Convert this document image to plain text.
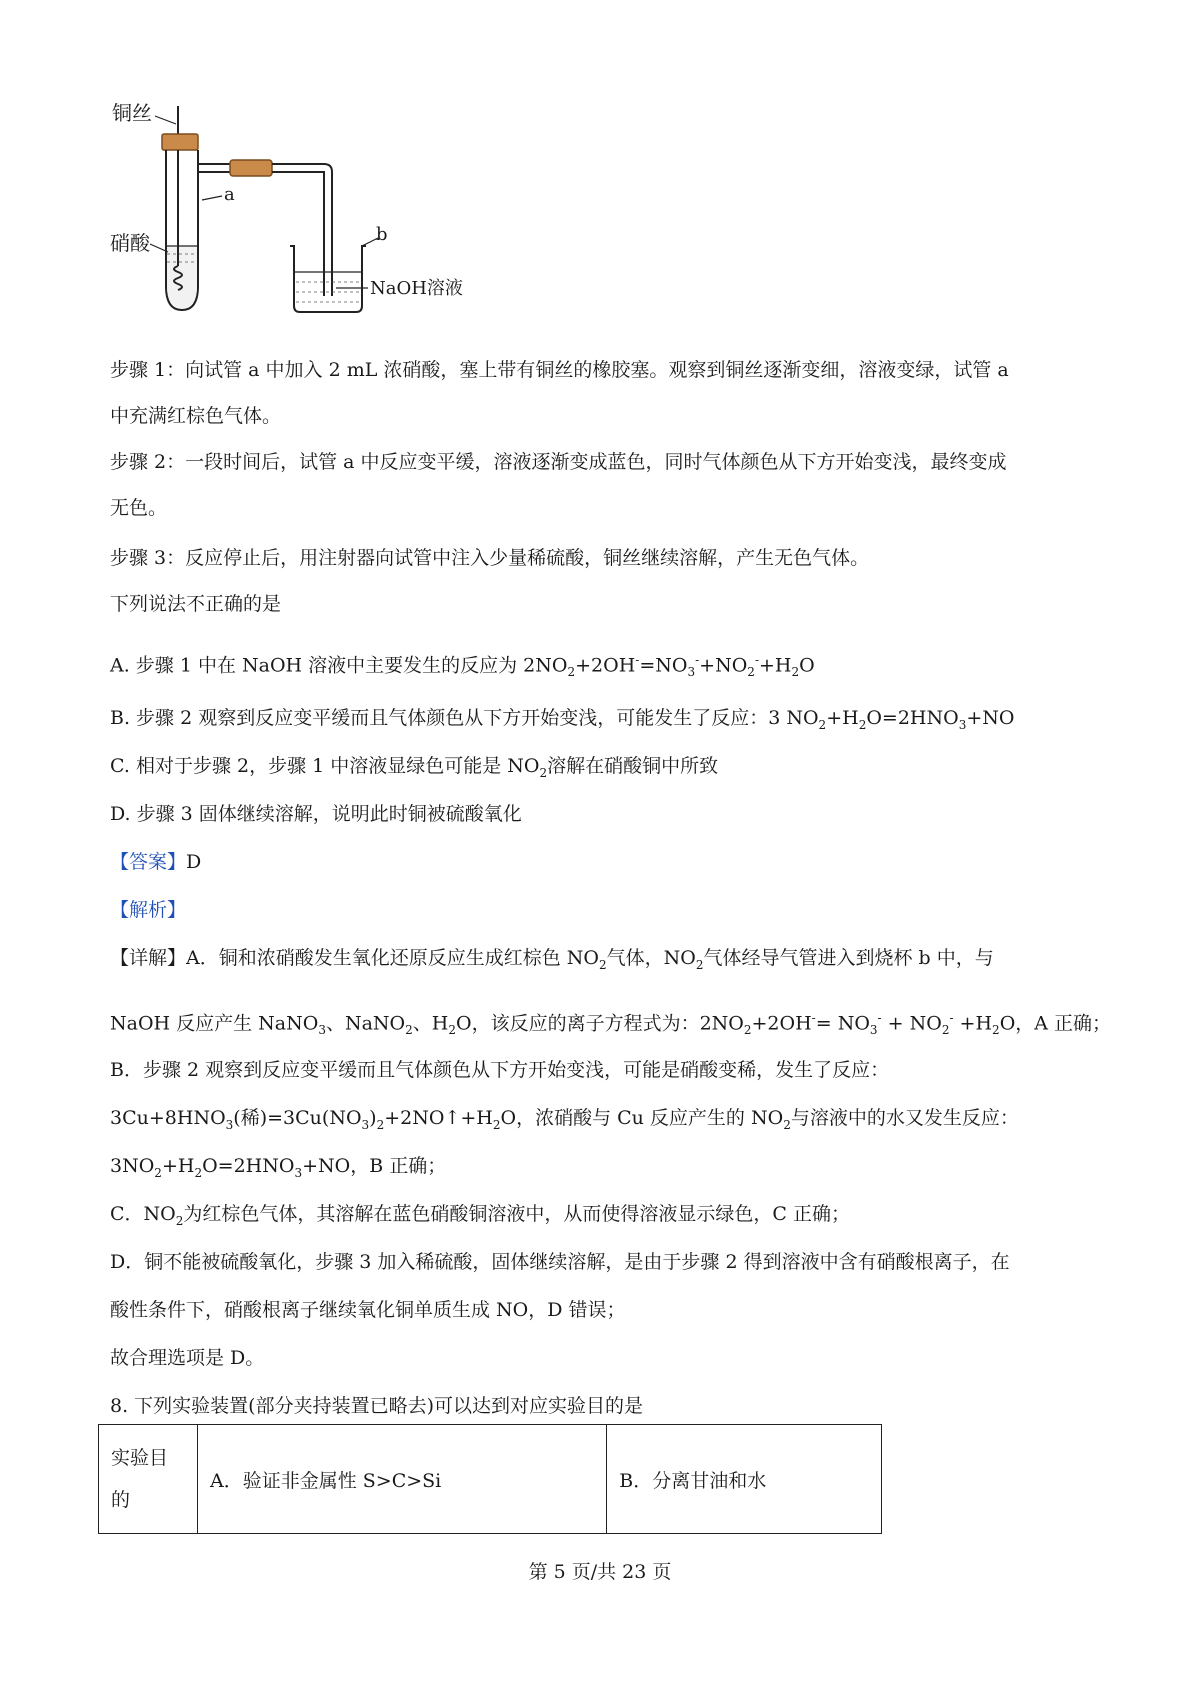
铜丝
a
硝酸	b
NaOH溶液
步骤 1：向试管 a 中加入 2 mL 浓硝酸，塞上带有铜丝的橡胶塞。观察到铜丝逐渐变细，溶液变绿，试管 a
中充满红棕色气体。
步骤 2：一段时间后，试管 a 中反应变平缓，溶液逐渐变成蓝色，同时气体颜色从下方开始变浅，最终变成
无色。
步骤 3：反应停止后，用注射器向试管中注入少量稀硫酸，铜丝继续溶解，产生无色气体。
下列说法不正确的是
A. 步骤 1 中在 NaOH 溶液中主要发生的反应为 $2NO_2+2OH^-=NO_3^-+NO_2^-+H_2O$
B. 步骤 2 观察到反应变平缓而且气体颜色从下方开始变浅，可能发生了反应：3 $NO_2+H_2O=2HNO_3+NO$
C. 相对于步骤 2，步骤 1 中溶液显绿色可能是 $NO_2$溶解在硝酸铜中所致
D. 步骤 3 固体继续溶解，说明此时铜被硫酸氧化
【答案】D
【解析】
【详解】A．铜和浓硝酸发生氧化还原反应生成红棕色 $NO_2$气体，$NO_2$气体经导气管进入到烧杯 b 中，与
NaOH 反应产生 NaNO$_3$、NaNO$_2$、$H_2O$，该反应的离子方程式为：$2NO_2+2OH^-= NO_3^- + NO_2^- +H_2O$，A 正确；
B．步骤 2 观察到反应变平缓而且气体颜色从下方开始变浅，可能是硝酸变稀，发生了反应：
$3Cu+8HNO_3$(稀)$=3Cu(NO_3)_2+2NO↑+H_2O$，浓硝酸与 Cu 反应产生的 $NO_2$与溶液中的水又发生反应：
$3NO_2+H_2O=2HNO_3+NO$，B 正确；
C．$NO_2$为红棕色气体，其溶解在蓝色硝酸铜溶液中，从而使得溶液显示绿色，C 正确；
D．铜不能被硫酸氧化，步骤 3 加入稀硫酸，固体继续溶解，是由于步骤 2 得到溶液中含有硝酸根离子，在
酸性条件下，硝酸根离子继续氧化铜单质生成 NO，D 错误；
故合理选项是 D。
8. 下列实验装置(部分夹持装置已略去)可以达到对应实验目的是
实验目的	A．验证非金属性 S>C>Si	B．分离甘油和水
第 5 页/共 23 页
